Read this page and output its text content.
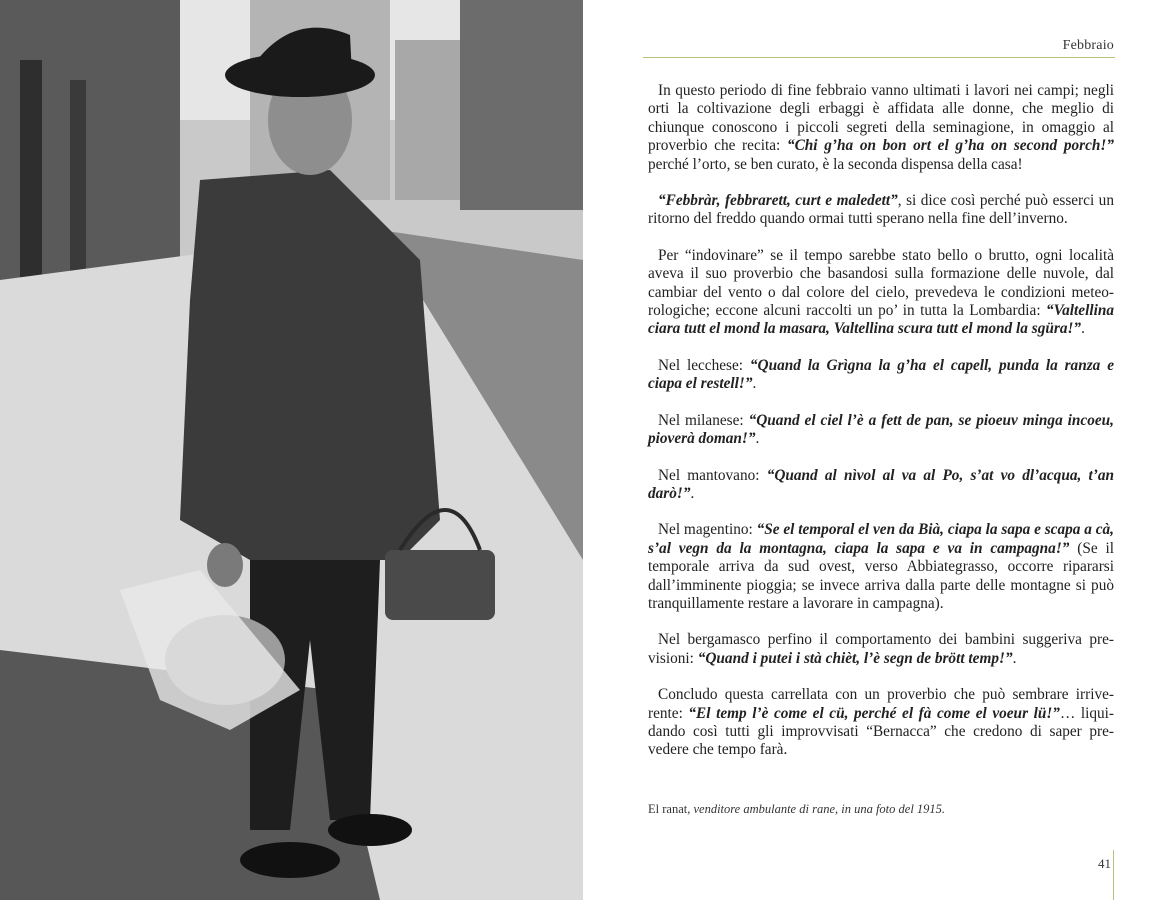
Febbraio

In questo periodo di fine febbraio vanno ultimati i lavori nei campi; negli orti la coltivazione degli erbaggi è affidata alle donne, che meglio di chiunque conoscono i piccoli segreti della seminagione, in omaggio al proverbio che recita: “Chi g’ha on bon ort el g’ha on second porch!” perché l’orto, se ben curato, è la seconda dispensa della casa!

“Febbràr, febbrarett, curt e maledett”, si dice così perché può esserci un ritorno del freddo quando ormai tutti sperano nella fine dell’inverno.

Per “indovinare” se il tempo sarebbe stato bello o brutto, ogni località aveva il suo proverbio che basandosi sulla formazione delle nuvole, dal cambiar del vento o dal colore del cielo, prevedeva le condizioni meteo-rologiche; eccone alcuni raccolti un po’ in tutta la Lombardia: “Valtellina ciara tutt el mond la masara, Valtellina scura tutt el mond la sgüra!”.

Nel lecchese: “Quand la Grìgna la g’ha el capell, punda la ranza e ciapa el restell!”.

Nel milanese: “Quand el ciel l’è a fett de pan, se pioeuv minga incoeu, pioverà doman!”.

Nel mantovano: “Quand al nìvol al va al Po, s’at vo dl’acqua, t’an darò!”.

Nel magentino: “Se el temporal el ven da Bià, ciapa la sapa e scapa a cà, s’al vegn da la montagna, ciapa la sapa e va in campagna!” (Se il temporale arriva da sud ovest, verso Abbiategrasso, occorre ripararsi dall’imminente pioggia; se invece arriva dalla parte delle montagne si può tranquillamente restare a lavorare in campagna).

Nel bergamasco perfino il comportamento dei bambini suggeriva pre-visioni: “Quand i putei i stà chièt, l’è segn de brött temp!”.

Concludo questa carrellata con un proverbio che può sembrare irrive-rente: “El temp l’è come el cü, perché el fà come el voeur lü!”… liqui-dando così tutti gli improvvisati “Bernacca” che credono di saper pre-vedere che tempo farà.

El ranat, venditore ambulante di rane, in una foto del 1915.
41
